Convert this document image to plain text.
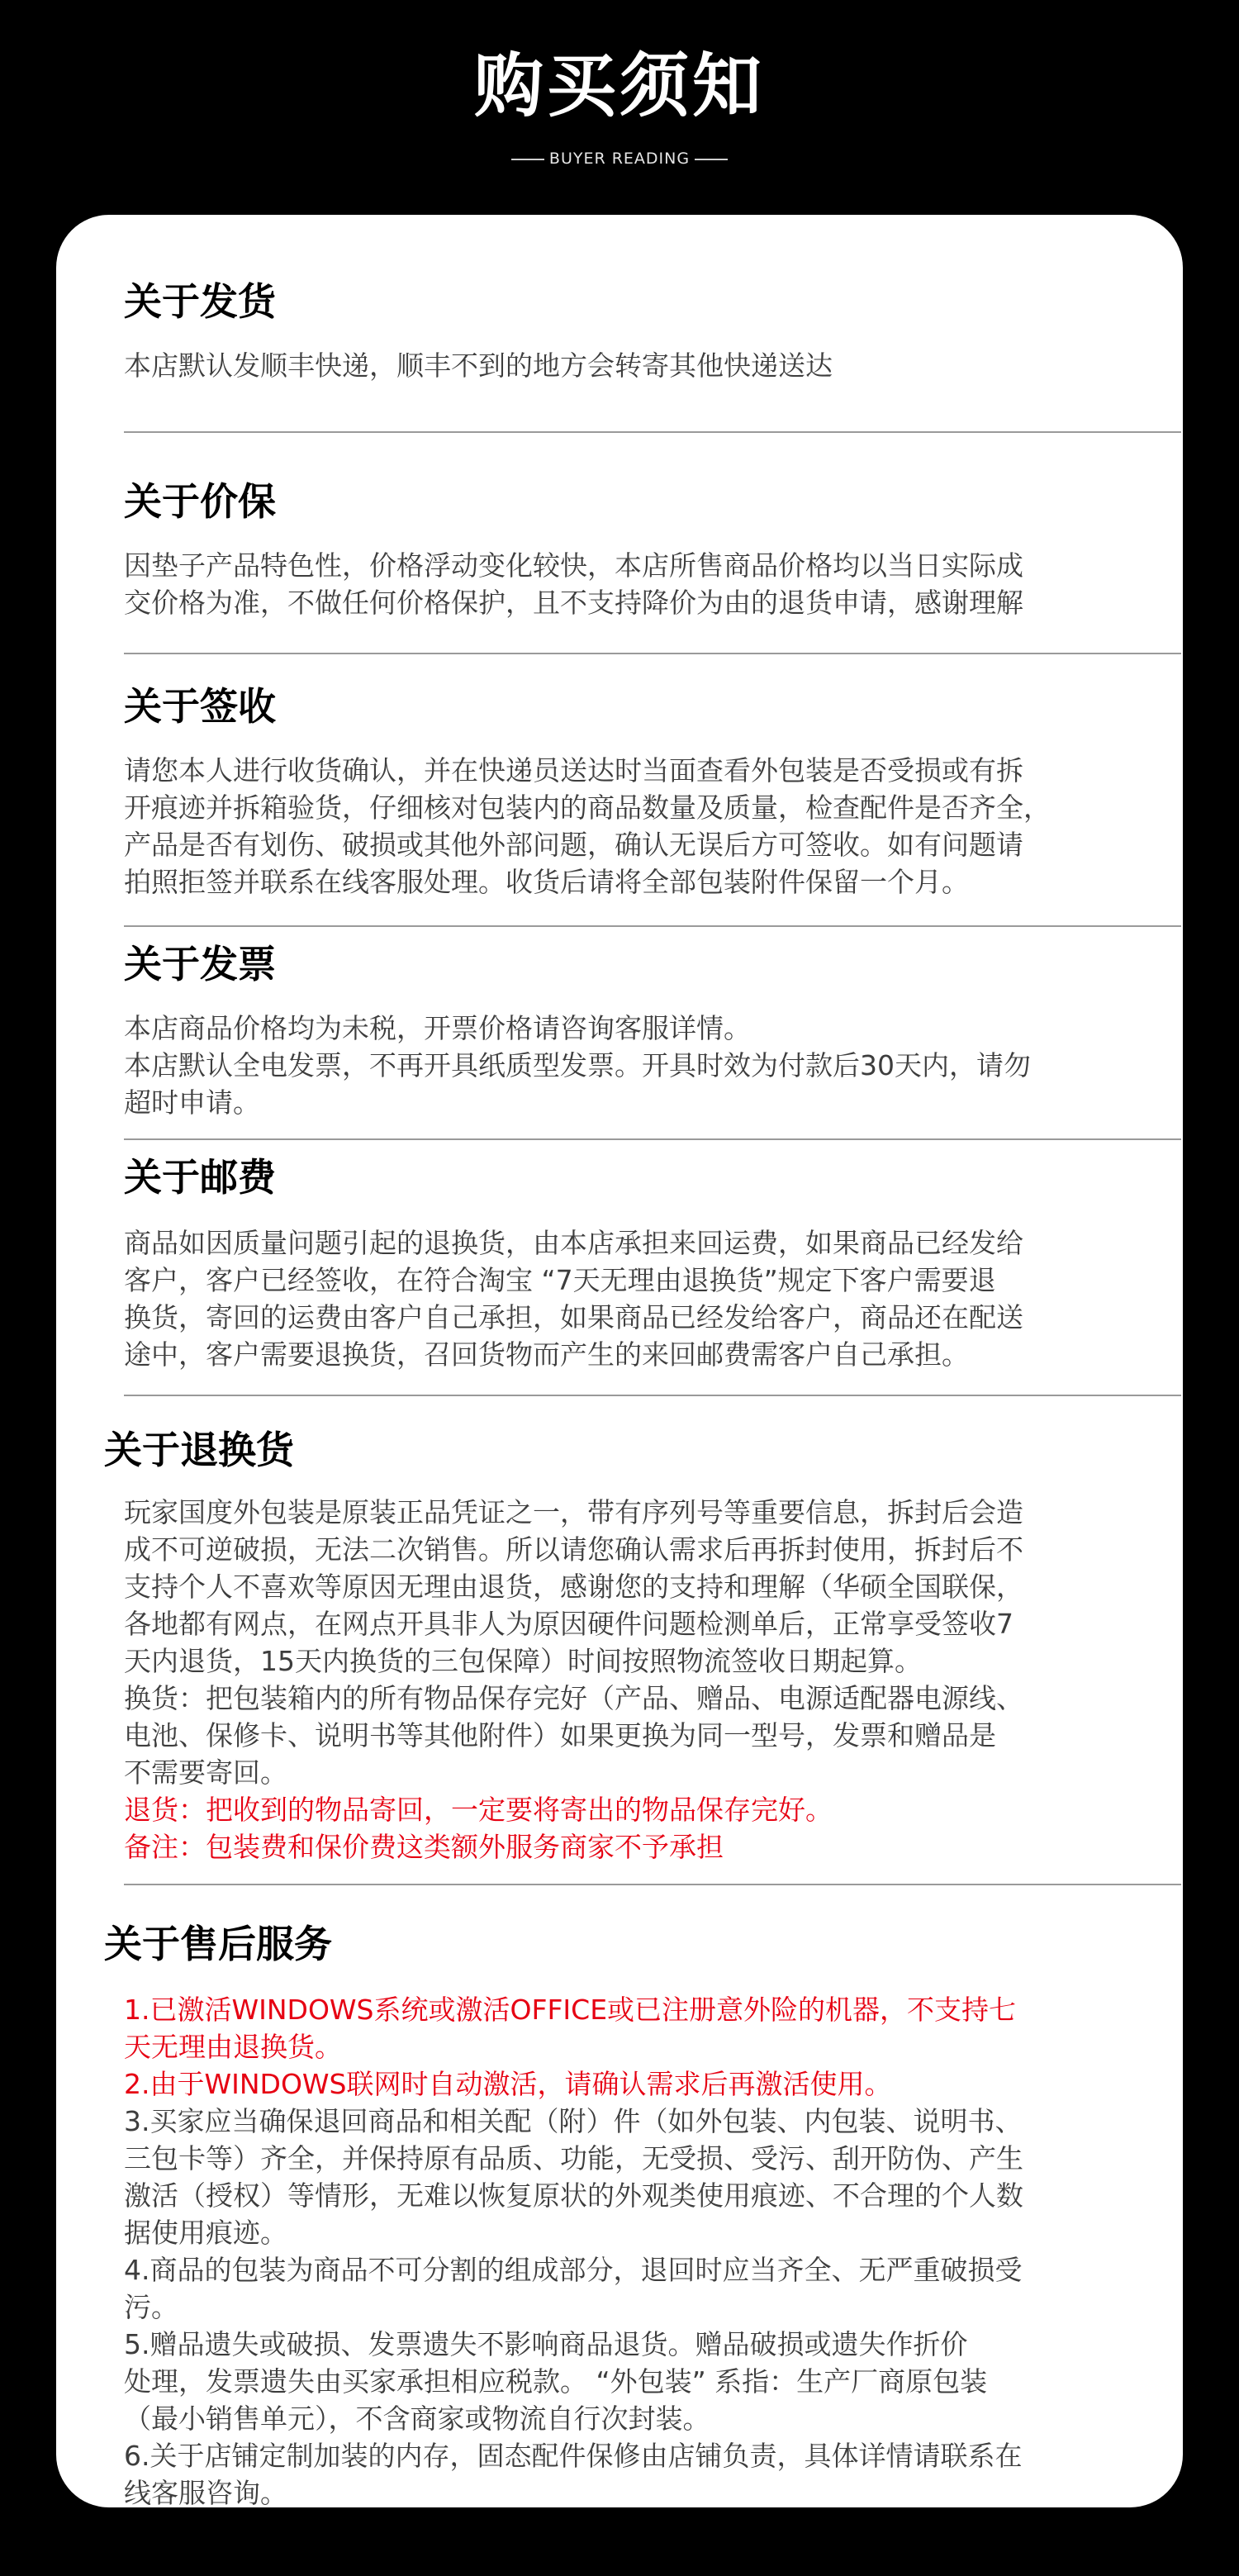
购买须知
BUYER READING
关于发货

本店默认发顺丰快递，顺丰不到的地方会转寄其他快递送达

关于价保

因垫子产品特色性，价格浮动变化较快，本店所售商品价格均以当日实际成

交价格为准，不做任何价格保护，且不支持降价为由的退货申请，感谢理解

关于签收

请您本人进行收货确认，并在快递员送达时当面查看外包装是否受损或有拆

开痕迹并拆箱验货，仔细核对包装内的商品数量及质量，检查配件是否齐全，

产品是否有划伤、破损或其他外部问题，确认无误后方可签收。如有问题请

拍照拒签并联系在线客服处理。收货后请将全部包装附件保留一个月。

关于发票

本店商品价格均为未税，开票价格请咨询客服详情。

本店默认全电发票，不再开具纸质型发票。开具时效为付款后30天内，请勿

超时申请。

关于邮费

商品如因质量问题引起的退换货，由本店承担来回运费，如果商品已经发给

客户，客户已经签收，在符合淘宝 “7天无理由退换货”规定下客户需要退

换货，寄回的运费由客户自己承担，如果商品已经发给客户，商品还在配送

途中，客户需要退换货，召回货物而产生的来回邮费需客户自己承担。

关于退换货

玩家国度外包装是原装正品凭证之一，带有序列号等重要信息，拆封后会造

成不可逆破损，无法二次销售。所以请您确认需求后再拆封使用，拆封后不

支持个人不喜欢等原因无理由退货，感谢您的支持和理解（华硕全国联保，

各地都有网点，在网点开具非人为原因硬件问题检测单后，正常享受签收7

天内退货，15天内换货的三包保障）时间按照物流签收日期起算。

换货：把包装箱内的所有物品保存完好（产品、赠品、电源适配器电源线、

电池、保修卡、说明书等其他附件）如果更换为同一型号，发票和赠品是

不需要寄回。

退货：把收到的物品寄回，一定要将寄出的物品保存完好。

备注：包装费和保价费这类额外服务商家不予承担

关于售后服务

1.已激活WINDOWS系统或激活OFFICE或已注册意外险的机器，不支持七

天无理由退换货。

2.由于WINDOWS联网时自动激活，请确认需求后再激活使用。

3.买家应当确保退回商品和相关配（附）件（如外包装、内包装、说明书、

三包卡等）齐全，并保持原有品质、功能，无受损、受污、刮开防伪、产生

激活（授权）等情形，无难以恢复原状的外观类使用痕迹、不合理的个人数

据使用痕迹。

4.商品的包装为商品不可分割的组成部分，退回时应当齐全、无严重破损受

污。

5.赠品遗失或破损、发票遗失不影响商品退货。赠品破损或遗失作折价

处理，发票遗失由买家承担相应税款。 “外包装” 系指：生产厂商原包装

（最小销售单元），不含商家或物流自行次封装。

6.关于店铺定制加装的内存，固态配件保修由店铺负责，具体详情请联系在

线客服咨询。
